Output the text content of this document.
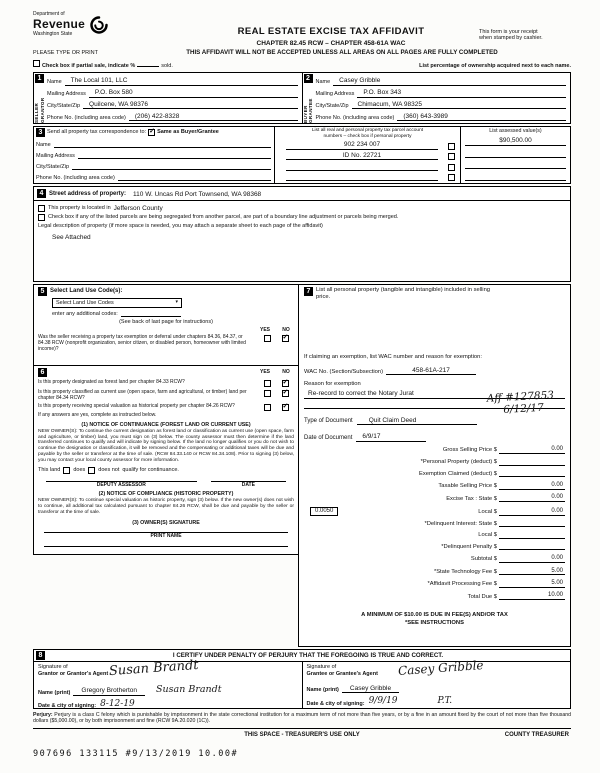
Department of
Revenue
Washington State	REAL ESTATE EXCISE TAX AFFIDAVIT
CHAPTER 82.45 RCW – CHAPTER 458-61A WAC
This form is your receipt
when stamped by cashier.
PLEASE TYPE OR PRINT	THIS AFFIDAVIT WILL NOT BE ACCEPTED UNLESS ALL AREAS ON ALL PAGES ARE FULLY COMPLETED
Check box if partial sale, indicate %	sold.	List percentage of ownership acquired next to each name.
1
SELLER GRANTOR
Name	The Local 101, LLC
Mailing Address	P.O. Box 580
City/State/Zip	Quilcene, WA 98376
Phone No. (including area code)	(206) 422-8328
2
BUYER GRANTEE
Name	Casey Gribble
Mailing Address	P.O. Box 343
City/State/Zip	Chimacum, WA 98325
Phone No. (including area code)	(360) 643-3989
3 Send all property tax correspondence to: ✓ Same as Buyer/Grantee
Name
Mailing Address
City/State/Zip
Phone No. (including area code)
List all real and personal property tax parcel account
numbers – check box if personal property
902 234 007
ID No. 22721
List assessed value(s)
$90,500.00
4 Street address of property: 110 W. Uncas Rd Port Townsend, WA 98368
This property is located in Jefferson County
Check box if any of the listed parcels are being segregated from another parcel, are part of a boundary line adjustment or parcels being merged.
Legal description of property (if more space is needed, you may attach a separate sheet to each page of the affidavit)
See Attached
5 Select Land Use Code(s):
Select Land Use Codes	▾
enter any additional codes:
(See back of last page for instructions)
YES	NO
Was the seller receiving a property tax exemption or deferral under chapters 84.36, 84.37, or 84.38 RCW (nonprofit organization, senior citizen, or disabled person, homeowner with limited income)?
✓
6	YES	NO
Is this property designated as forest land per chapter 84.33 RCW?
✓
Is this property classified as current use (open space, farm and agricultural, or timber) land per chapter 84.34 RCW?
✓
Is this property receiving special valuation as historical property per chapter 84.26 RCW?
✓
If any answers are yes, complete as instructed below.
(1) NOTICE OF CONTINUANCE (FOREST LAND OR CURRENT USE)
NEW OWNER(S): To continue the current designation as forest land or classification as current use (open space, farm and agriculture, or timber) land, you must sign on (3) below. The county assessor must then determine if the land transferred continues to qualify and will indicate by signing below. If the land no longer qualifies or you do not wish to continue the designation or classification, it will be removed and the compensating or additional taxes will be due and payable by the seller or transferor at the time of sale. (RCW 84.33.140 or RCW 84.34.108). Prior to signing (3) below, you may contact your local county assessor for more information.
This land does does not qualify for continuance.
DEPUTY ASSESSOR	DATE
(2) NOTICE OF COMPLIANCE (HISTORIC PROPERTY)
NEW OWNER(S): To continue special valuation as historic property, sign (3) below. If the new owner(s) does not wish to continue, all additional tax calculated pursuant to chapter 84.26 RCW, shall be due and payable by the seller or transferor at the time of sale.
(3) OWNER(S) SIGNATURE
PRINT NAME
7 List all personal property (tangible and intangible) included in selling price.
If claiming an exemption, list WAC number and reason for exemption:
WAC No. (Section/Subsection)	458-61A-217
Reason for exemption
Re-record to correct the Notary Jurat	Aff #127853
6/12/17
Type of Document	Quit Claim Deed
Date of Document	6/9/17
Gross Selling Price $	0.00
*Personal Property (deduct) $
Exemption Claimed (deduct) $
Taxable Selling Price $	0.00
Excise Tax : State $	0.00
0.0050	Local $	0.00
*Delinquent Interest: State $
Local $
*Delinquent Penalty $
Subtotal $	0.00
*State Technology Fee $	5.00
*Affidavit Processing Fee $	5.00
Total Due $	10.00
A MINIMUM OF $10.00 IS DUE IN FEE(S) AND/OR TAX
*SEE INSTRUCTIONS
8	I CERTIFY UNDER PENALTY OF PERJURY THAT THE FOREGOING IS TRUE AND CORRECT.
Signature of
Grantor or Grantor's Agent Susan Brandt
Name (print)	Gregory Brotherton	Susan Brandt
Date & city of signing: 8-12-19
Signature of
Grantee or Grantee's Agent	Casey Gribble
Name (print)	Casey Gribble
Date & city of signing: 9/9/19	P.T.
Perjury: Perjury is a class C felony which is punishable by imprisonment in the state correctional institution for a maximum term of not more than five years, or by a fine in an amount fixed by the court of not more than five thousand dollars ($5,000.00), or by both imprisonment and fine (RCW 9A.20.020 (1C)).
THIS SPACE - TREASURER'S USE ONLY	COUNTY TREASURER
907696 133115 #9/13/2019 10.00#
